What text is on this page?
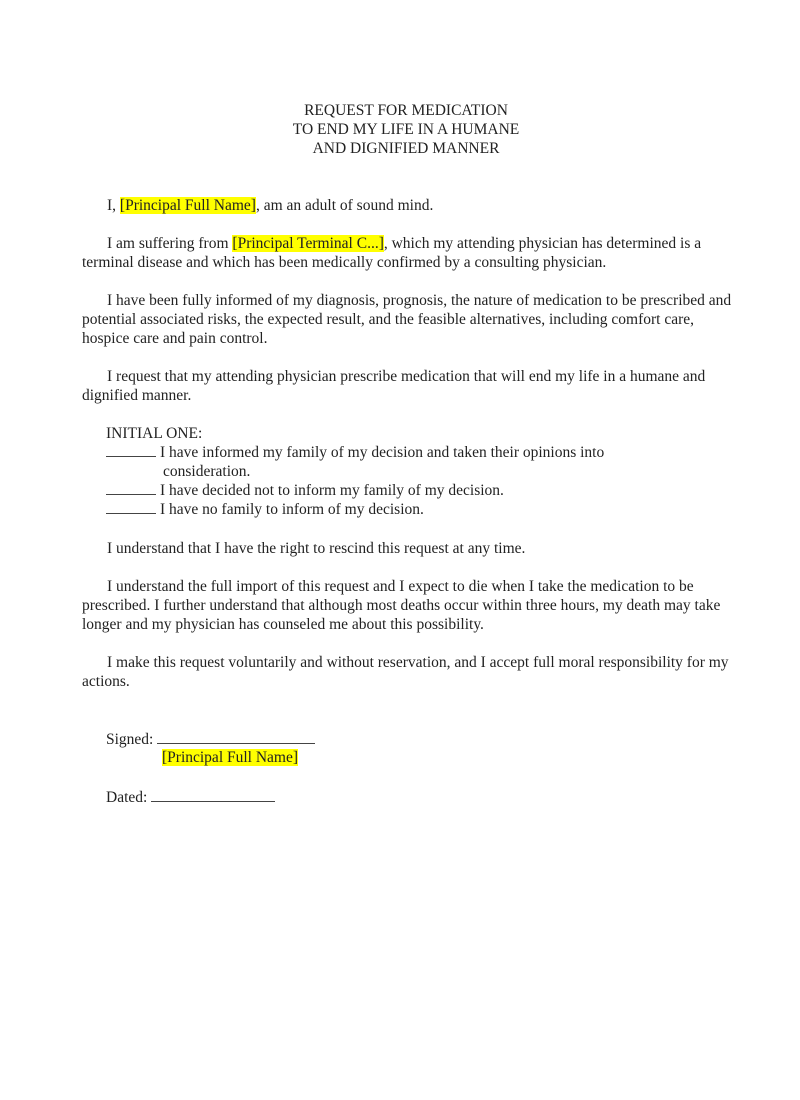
REQUEST FOR MEDICATION
TO END MY LIFE IN A HUMANE
AND DIGNIFIED MANNER
I, [Principal Full Name], am an adult of sound mind.
I am suffering from [Principal Terminal C...], which my attending physician has determined is a terminal disease and which has been medically confirmed by a consulting physician.
I have been fully informed of my diagnosis, prognosis, the nature of medication to be prescribed and potential associated risks, the expected result, and the feasible alternatives, including comfort care, hospice care and pain control.
I request that my attending physician prescribe medication that will end my life in a humane and dignified manner.
INITIAL ONE:
I have informed my family of my decision and taken their opinions into
consideration.
I have decided not to inform my family of my decision.
I have no family to inform of my decision.
I understand that I have the right to rescind this request at any time.
I understand the full import of this request and I expect to die when I take the medication to be prescribed. I further understand that although most deaths occur within three hours, my death may take longer and my physician has counseled me about this possibility.
I make this request voluntarily and without reservation, and I accept full moral responsibility for my actions.
Signed:
[Principal Full Name]
Dated:
